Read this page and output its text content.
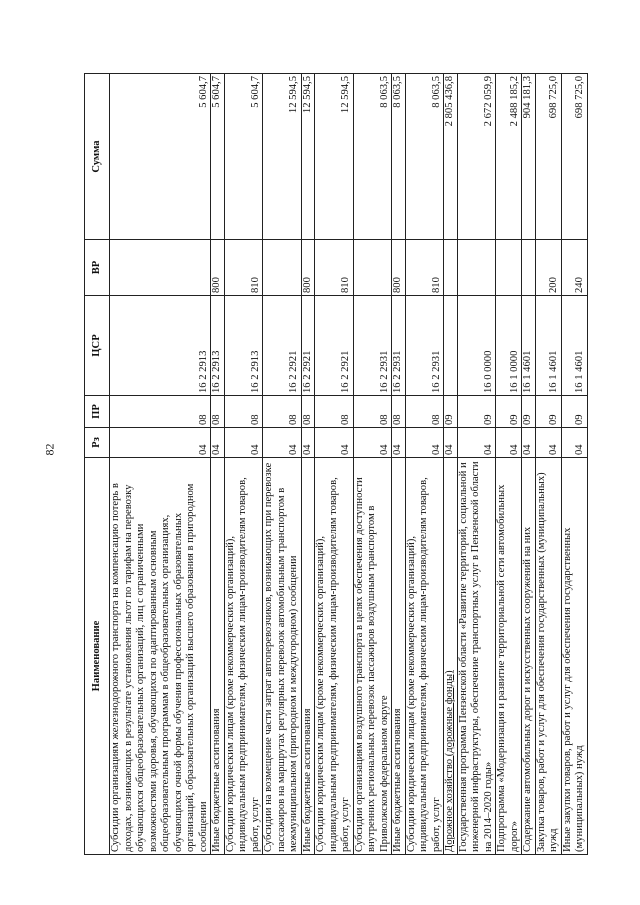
82
Наименование	Рз	ПР	ЦСР	ВР	Сумма
Субсидии организациям железнодорожного транспорта на компенсацию потерь в доходах, возникающих в результате установления льгот по тарифам на перевозку обучающихся общеобразовательных организаций, лиц с ограниченными возможностями здоровья, обучающихся по адаптированным основным общеобразовательным программам в общеобразовательных организациях, обучающихся очной формы обучения профессиональных образовательных организаций, образовательных организаций высшего образования в пригородном сообщении	04	08	16 2 2913		5 604,7
Иные бюджетные ассигнования	04	08	16 2 2913	800	5 604,7
Субсидии юридическим лицам (кроме некоммерческих организаций), индивидуальным предпринимателям, физическим лицам-производителям товаров, работ, услуг	04	08	16 2 2913	810	5 604,7
Субсидии на возмещение части затрат автоперевозчиков, возникающих при перевозке пассажиров на маршрутах регулярных перевозок автомобильным транспортом в межмуниципальном (пригородном и междугородном) сообщении	04	08	16 2 2921		12 594,5
Иные бюджетные ассигнования	04	08	16 2 2921	800	12 594,5
Субсидии юридическим лицам (кроме некоммерческих организаций), индивидуальным предпринимателям, физическим лицам-производителям товаров, работ, услуг	04	08	16 2 2921	810	12 594,5
Субсидии организациям воздушного транспорта в целях обеспечения доступности внутренних региональных перевозок пассажиров воздушным транспортом в Приволжском федеральном округе	04	08	16 2 2931		8 063,5
Иные бюджетные ассигнования	04	08	16 2 2931	800	8 063,5
Субсидии юридическим лицам (кроме некоммерческих организаций), индивидуальным предпринимателям, физическим лицам-производителям товаров, работ, услуг	04	08	16 2 2931	810	8 063,5
Дорожное хозяйство (дорожные фонды)	04	09			2 805 436,8
Государственная программа Пензенской области «Развитие территорий, социальной и инженерной инфраструктуры, обеспечение транспортных услуг в Пензенской области на 2014–2020 годы»	04	09	16 0 0000		2 672 059,9
Подпрограмма «Модернизация и развитие территориальной сети автомобильных дорог»	04	09	16 1 0000		2 488 185,2
Содержание автомобильных дорог и искусственных сооружений на них	04	09	16 1 4601		904 181,3
Закупка товаров, работ и услуг для обеспечения государственных (муниципальных) нужд	04	09	16 1 4601	200	698 725,0
Иные закупки товаров, работ и услуг для обеспечения государственных (муниципальных) нужд	04	09	16 1 4601	240	698 725,0
